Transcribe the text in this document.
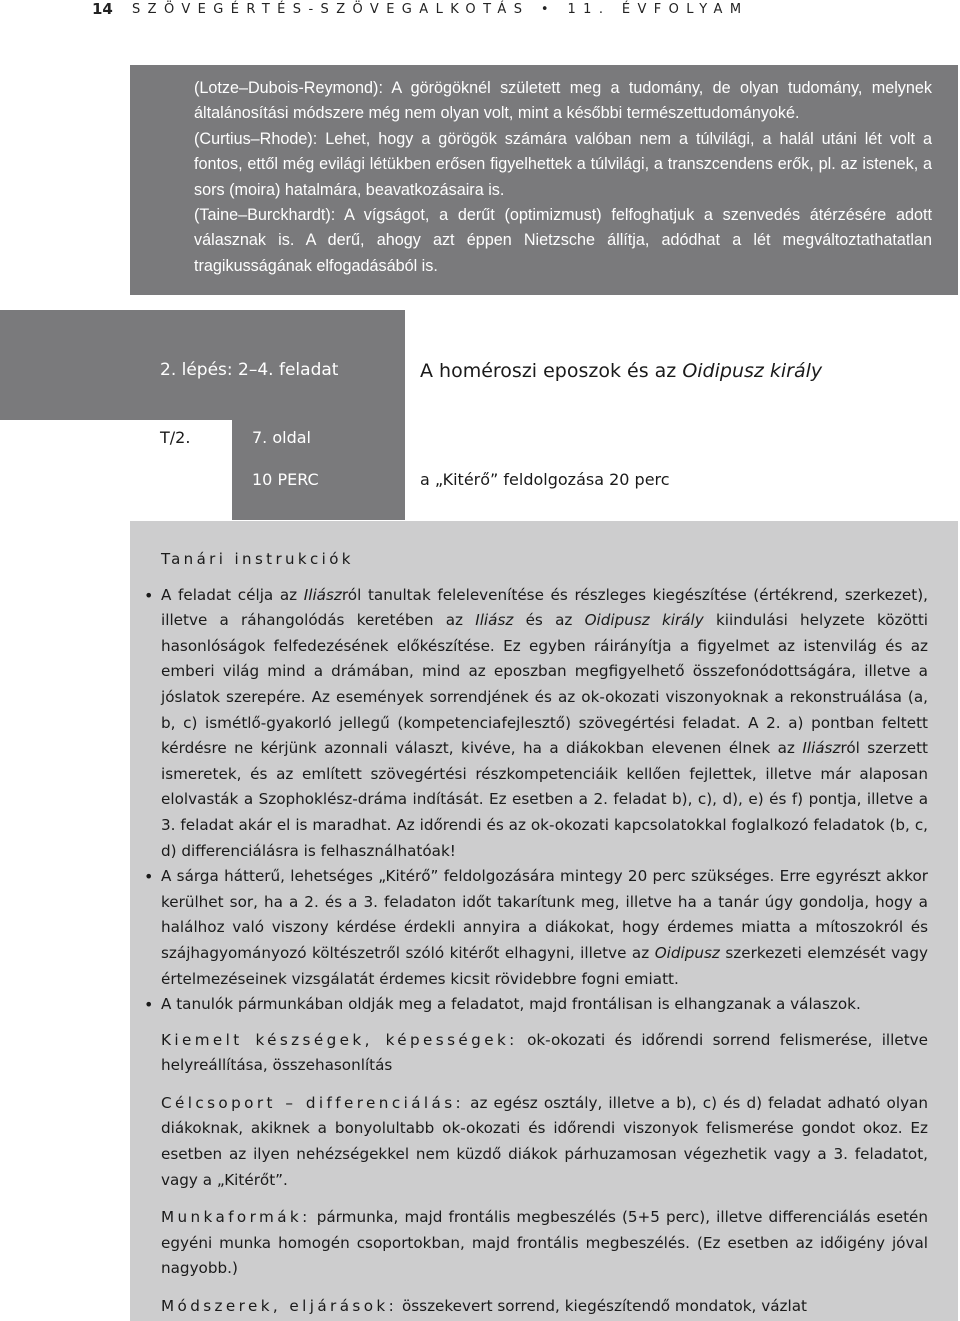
14 SZÖVEGÉRTÉS-SZÖVEGALKOTÁS • 11. ÉVFOLYAM

(Lotze–Dubois-Reymond): A görögöknél született meg a tudomány, de olyan tudomány, melynek általánosítási módszere még nem olyan volt, mint a későbbi természettudományoké.

(Curtius–Rhode): Lehet, hogy a görögök számára valóban nem a túlvilági, a halál utáni lét volt a fontos, ettől még evilági létükben erősen figyelhettek a túlvilági, a transzcendens erők, pl. az istenek, a sors (moira) hatalmára, beavatkozásaira is.

(Taine–Burckhardt): A vígságot, a derűt (optimizmust) felfoghatjuk a szenvedés átérzésére adott válasznak is. A derű, ahogy azt éppen Nietzsche állítja, adódhat a lét megváltoztathatatlan tragikusságának elfogadásából is.

2. lépés: 2–4. feladat	A homéroszi eposzok és az Oidipusz király
T/2.	7. oldal
10 PERC	a „Kitérő” feldolgozása 20 perc
Tanári instrukciók
• A feladat célja az Iliászról tanultak felelevenítése és részleges kiegészítése (értékrend, szerkezet), illetve a ráhangolódás keretében az Iliász és az Oidipusz király kiindulási helyzete közötti hasonlóságok felfedezésének előkészítése. Ez egyben ráirányítja a figyelmet az istenvilág és az emberi világ mind a drámában, mind az eposzban megfigyelhető összefonódottságára, illetve a jóslatok szerepére. Az események sorrendjének és az ok-okozati viszonyoknak a rekonstruálása (a, b, c) ismétlő-gyakorló jellegű (kompetenciafejlesztő) szövegértési feladat. A 2. a) pontban feltett kérdésre ne kérjünk azonnali választ, kivéve, ha a diákokban elevenen élnek az Iliászról szerzett ismeretek, és az említett szövegértési részkompetenciáik kellően fejlettek, illetve már alaposan elolvasták a Szophoklész-dráma indítását. Ez esetben a 2. feladat b), c), d), e) és f) pontja, illetve a 3. feladat akár el is maradhat. Az időrendi és az ok-okozati kapcsolatokkal foglalkozó feladatok (b, c, d) differenciálásra is felhasználhatóak!
• A sárga hátterű, lehetséges „Kitérő” feldolgozására mintegy 20 perc szükséges. Erre egyrészt akkor kerülhet sor, ha a 2. és a 3. feladaton időt takarítunk meg, illetve ha a tanár úgy gondolja, hogy a halálhoz való viszony kérdése érdekli annyira a diákokat, hogy érdemes miatta a mítoszokról és szájhagyományozó költészetről szóló kitérőt elhagyni, illetve az Oidipusz szerkezeti elemzését vagy értelmezéseinek vizsgálatát érdemes kicsit rövidebbre fogni emiatt.
• A tanulók pármunkában oldják meg a feladatot, majd frontálisan is elhangzanak a válaszok.

Kiemelt készségek, képességek: ok-okozati és időrendi sorrend felismerése, illetve helyreállítása, összehasonlítás

Célcsoport – differenciálás: az egész osztály, illetve a b), c) és d) feladat adható olyan diákoknak, akiknek a bonyolultabb ok-okozati és időrendi viszonyok felismerése gondot okoz. Ez esetben az ilyen nehézségekkel nem küzdő diákok párhuzamosan végezhetik vagy a 3. feladatot, vagy a „Kitérőt”.

Munkaformák: pármunka, majd frontális megbeszélés (5+5 perc), illetve differenciálás esetén egyéni munka homogén csoportokban, majd frontális megbeszélés. (Ez esetben az időigény jóval nagyobb.)

Módszerek, eljárások: összekevert sorrend, kiegészítendő mondatok, vázlat
